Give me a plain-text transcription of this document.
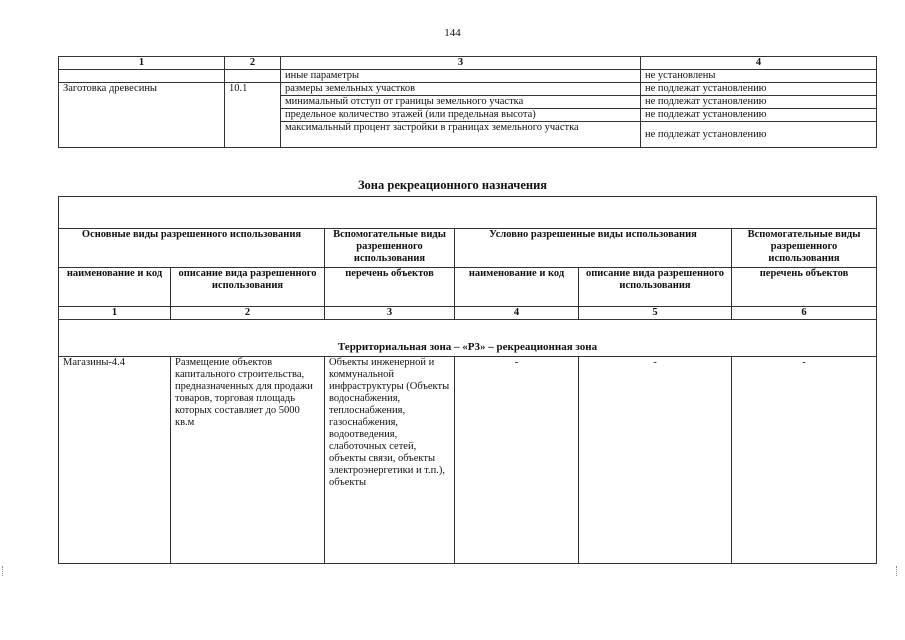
144
1	2	3	4
		иные параметры	не установлены
Заготовка древесины	10.1	размеры земельных участков	не подлежат установлению
		минимальный отступ от границы земельного участка	не подлежат установлению
		предельное количество этажей (или предельная высота)	не подлежат установлению
		максимальный процент застройки в границах земельного участка	не подлежат установлению
Зона рекреационного назначения

Основные виды разрешенного использования		Вспомогательные виды разрешенного использования	Условно разрешенные виды использования		Вспомогательные виды разрешенного использования
наименование и код	описание вида разрешенного использования	перечень объектов	наименование и код	описание вида разрешенного использования	перечень объектов
1	2	3	4	5	6
Территориальная зона – «Р3» – рекреационная зона					
Магазины-4.4	Размещение объектов капитального строительства, предназначенных для продажи товаров, торговая площадь которых составляет до 5000 кв.м	Объекты инженерной и коммунальной инфраструктуры (Объекты водоснабжения, теплоснабжения, газоснабжения, водоотведения, слаботочных сетей, объекты связи, объекты электроэнергетики и т.п.), объекты	-	-	-
